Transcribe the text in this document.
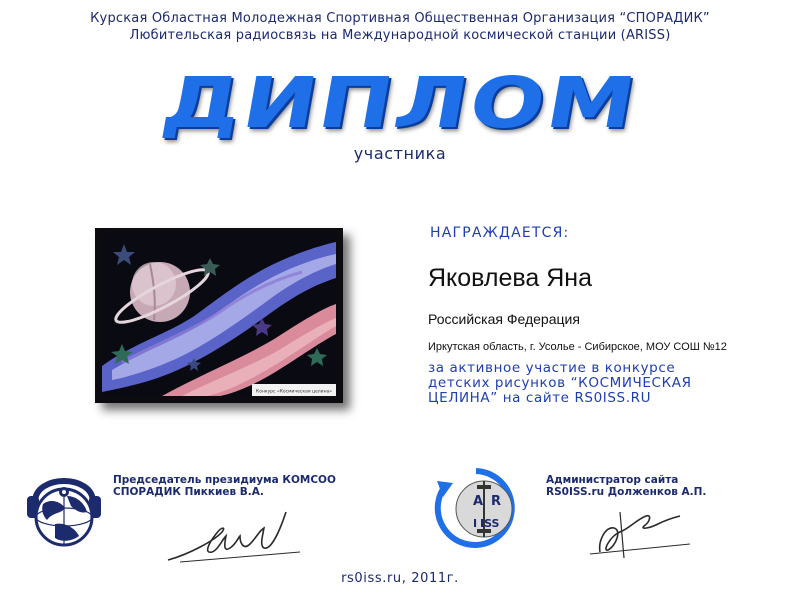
Курская Областная Молодежная Спортивная Общественная Организация “СПОРАДИК”
Любительская радиосвязь на Международной космической станции (ARISS)
ДИПЛОМ
участника
Конкурс «Космическая целина»
НАГРАЖДАЕТСЯ:
Яковлева Яна
Российская Федерация
Иркутская область, г. Усолье - Сибирское, МОУ СОШ №12
за активное участие в конкурсе
детских рисунков “КОСМИЧЕСКАЯ
ЦЕЛИНА” на сайте RS0ISS.RU
Председатель президиума КОМСОО
СПОРАДИК Пиккиев В.А.
A R
I ISS
Администратор сайта
RS0ISS.ru Долженков А.П.
rs0iss.ru, 2011г.
